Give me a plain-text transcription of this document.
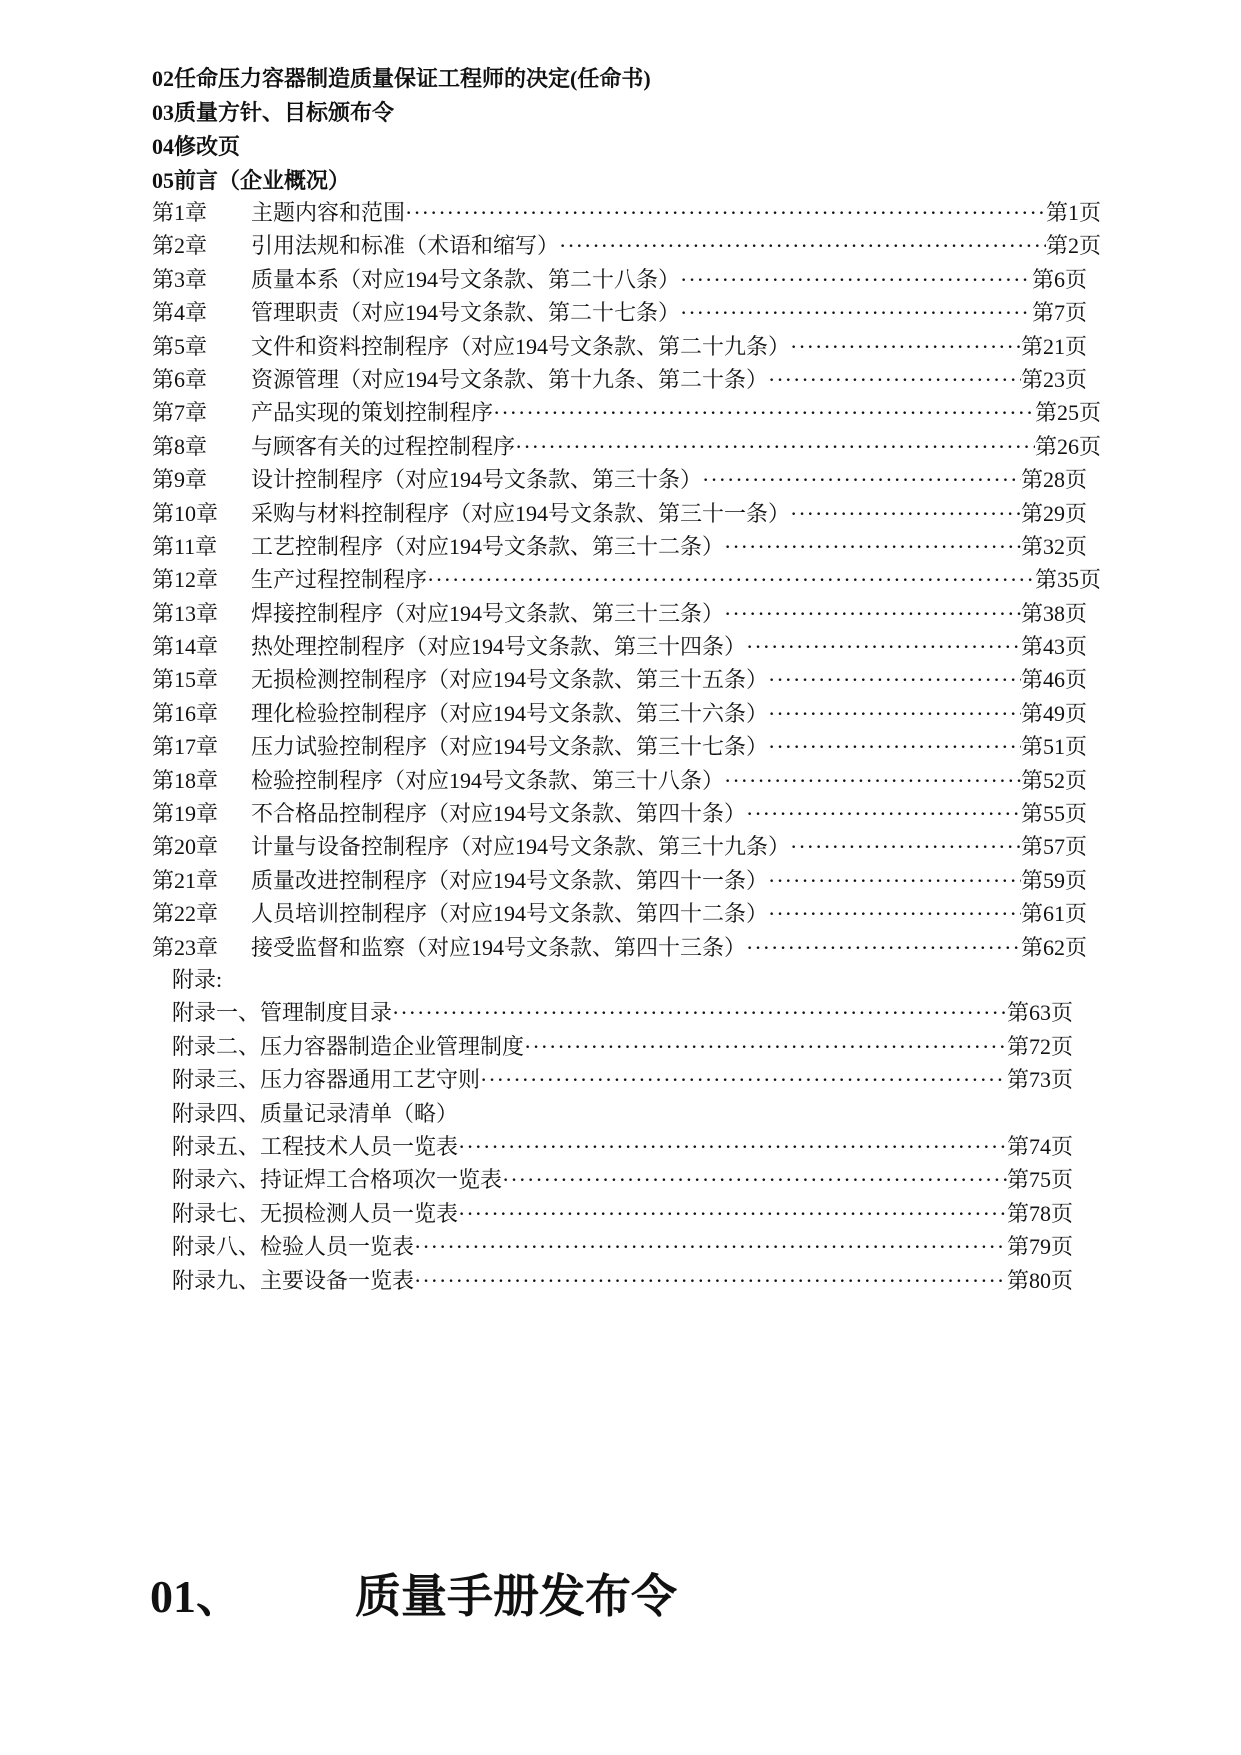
02任命压力容器制造质量保证工程师的决定(任命书)
03质量方针、目标颁布令
04修改页
05前言（企业概况）
第1章 主题内容和范围 ·····	第1页
第2章 引用法规和标准（术语和缩写） ·····	第2页
第3章 质量本系（对应194号文条款、第二十八条） ·····	第6页
第4章 管理职责（对应194号文条款、第二十七条） ·····	第7页
第5章 文件和资料控制程序（对应194号文条款、第二十九条） ·····	第21页
第6章 资源管理（对应194号文条款、第十九条、第二十条） ·····	第23页
第7章 产品实现的策划控制程序 ·····	第25页
第8章 与顾客有关的过程控制程序 ·····	第26页
第9章 设计控制程序（对应194号文条款、第三十条） ·····	第28页
第10章 采购与材料控制程序（对应194号文条款、第三十一条） ·····	第29页
第11章 工艺控制程序（对应194号文条款、第三十二条） ·····	第32页
第12章 生产过程控制程序 ·····	第35页
第13章 焊接控制程序（对应194号文条款、第三十三条） ·····	第38页
第14章 热处理控制程序（对应194号文条款、第三十四条） ·····	第43页
第15章 无损检测控制程序（对应194号文条款、第三十五条） ·····	第46页
第16章 理化检验控制程序（对应194号文条款、第三十六条） ·····	第49页
第17章 压力试验控制程序（对应194号文条款、第三十七条） ·····	第51页
第18章 检验控制程序（对应194号文条款、第三十八条） ·····	第52页
第19章 不合格品控制程序（对应194号文条款、第四十条） ·····	第55页
第20章 计量与设备控制程序（对应194号文条款、第三十九条） ·····	第57页
第21章 质量改进控制程序（对应194号文条款、第四十一条） ·····	第59页
第22章 人员培训控制程序（对应194号文条款、第四十二条） ·····	第61页
第23章 接受监督和监察（对应194号文条款、第四十三条） ·····	第62页
附录:
附录一、管理制度目录 ·····	第63页
附录二、压力容器制造企业管理制度 ·····	第72页
附录三、压力容器通用工艺守则 ·····	第73页
附录四、质量记录清单（略）
附录五、工程技术人员一览表 ·····	第74页
附录六、持证焊工合格项次一览表 ·····	第75页
附录七、无损检测人员一览表 ·····	第78页
附录八、检验人员一览表 ·····	第79页
附录九、主要设备一览表 ·····	第80页
01、 质量手册发布令
